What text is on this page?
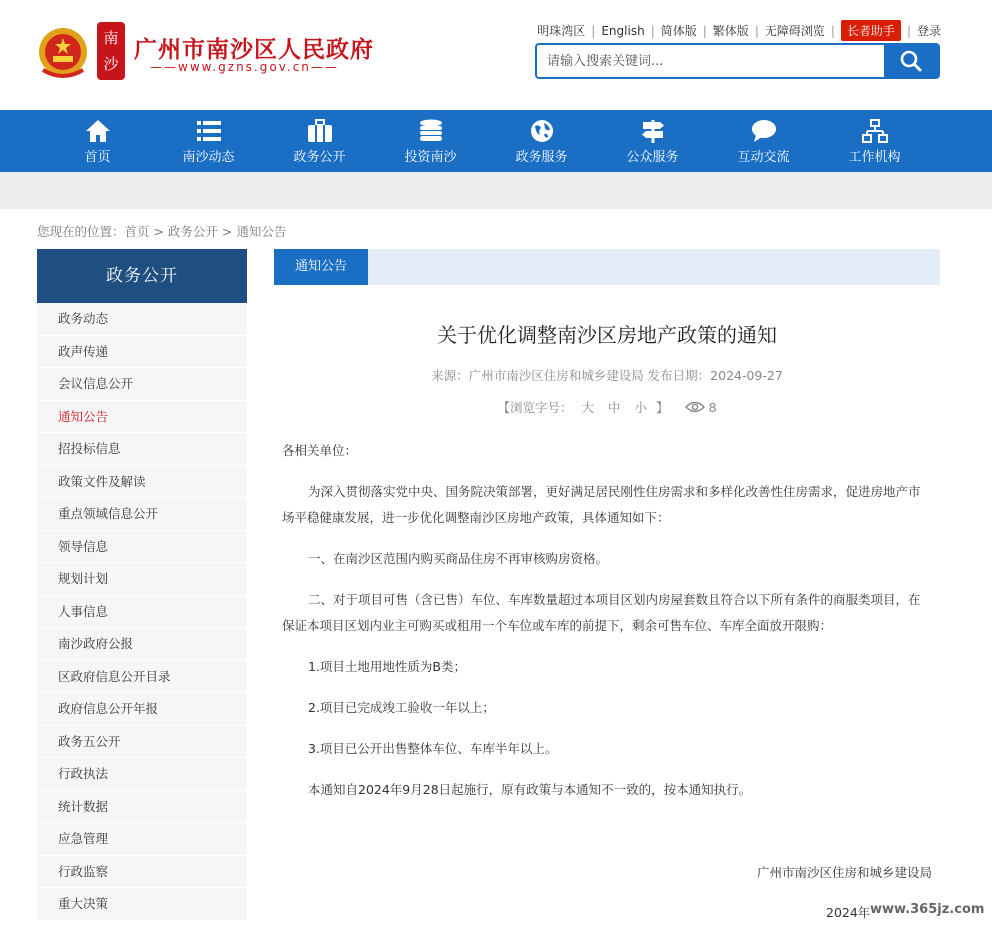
南沙
广州市南沙区人民政府
——www.gzns.gov.cn——
明珠湾区 | English | 简体版 | 繁体版 | 无障碍浏览 |	长者助手	| 登录
请输入搜索关键词...
首页	南沙动态	政务公开	投资南沙	政务服务	公众服务	互动交流	工作机构
您现在的位置：首页 > 政务公开 > 通知公告
政务公开
政务动态
政声传递
会议信息公开
通知公告
招投标信息
政策文件及解读
重点领域信息公开
领导信息
规划计划
人事信息
南沙政府公报
区政府信息公开目录
政府信息公开年报
政务五公开
行政执法
统计数据
应急管理
行政监察
重大决策
通知公告
关于优化调整南沙区房地产政策的通知
来源：广州市南沙区住房和城乡建设局 发布日期：2024-09-27
【浏览字号： 大 中 小 】	8

各相关单位：

为深入贯彻落实党中央、国务院决策部署，更好满足居民刚性住房需求和多样化改善性住房需求，促进房地产市场平稳健康发展，进一步优化调整南沙区房地产政策，具体通知如下：

一、在南沙区范围内购买商品住房不再审核购房资格。

二、对于项目可售（含已售）车位、车库数量超过本项目区划内房屋套数且符合以下所有条件的商服类项目，在保证本项目区划内业主可购买或租用一个车位或车库的前提下，剩余可售车位、车库全面放开限购：

1.项目土地用地性质为B类；

2.项目已完成竣工验收一年以上；

3.项目已公开出售整体车位、车库半年以上。

本通知自2024年9月28日起施行，原有政策与本通知不一致的，按本通知执行。

广州市南沙区住房和城乡建设局
2024年 www.365jz.com
